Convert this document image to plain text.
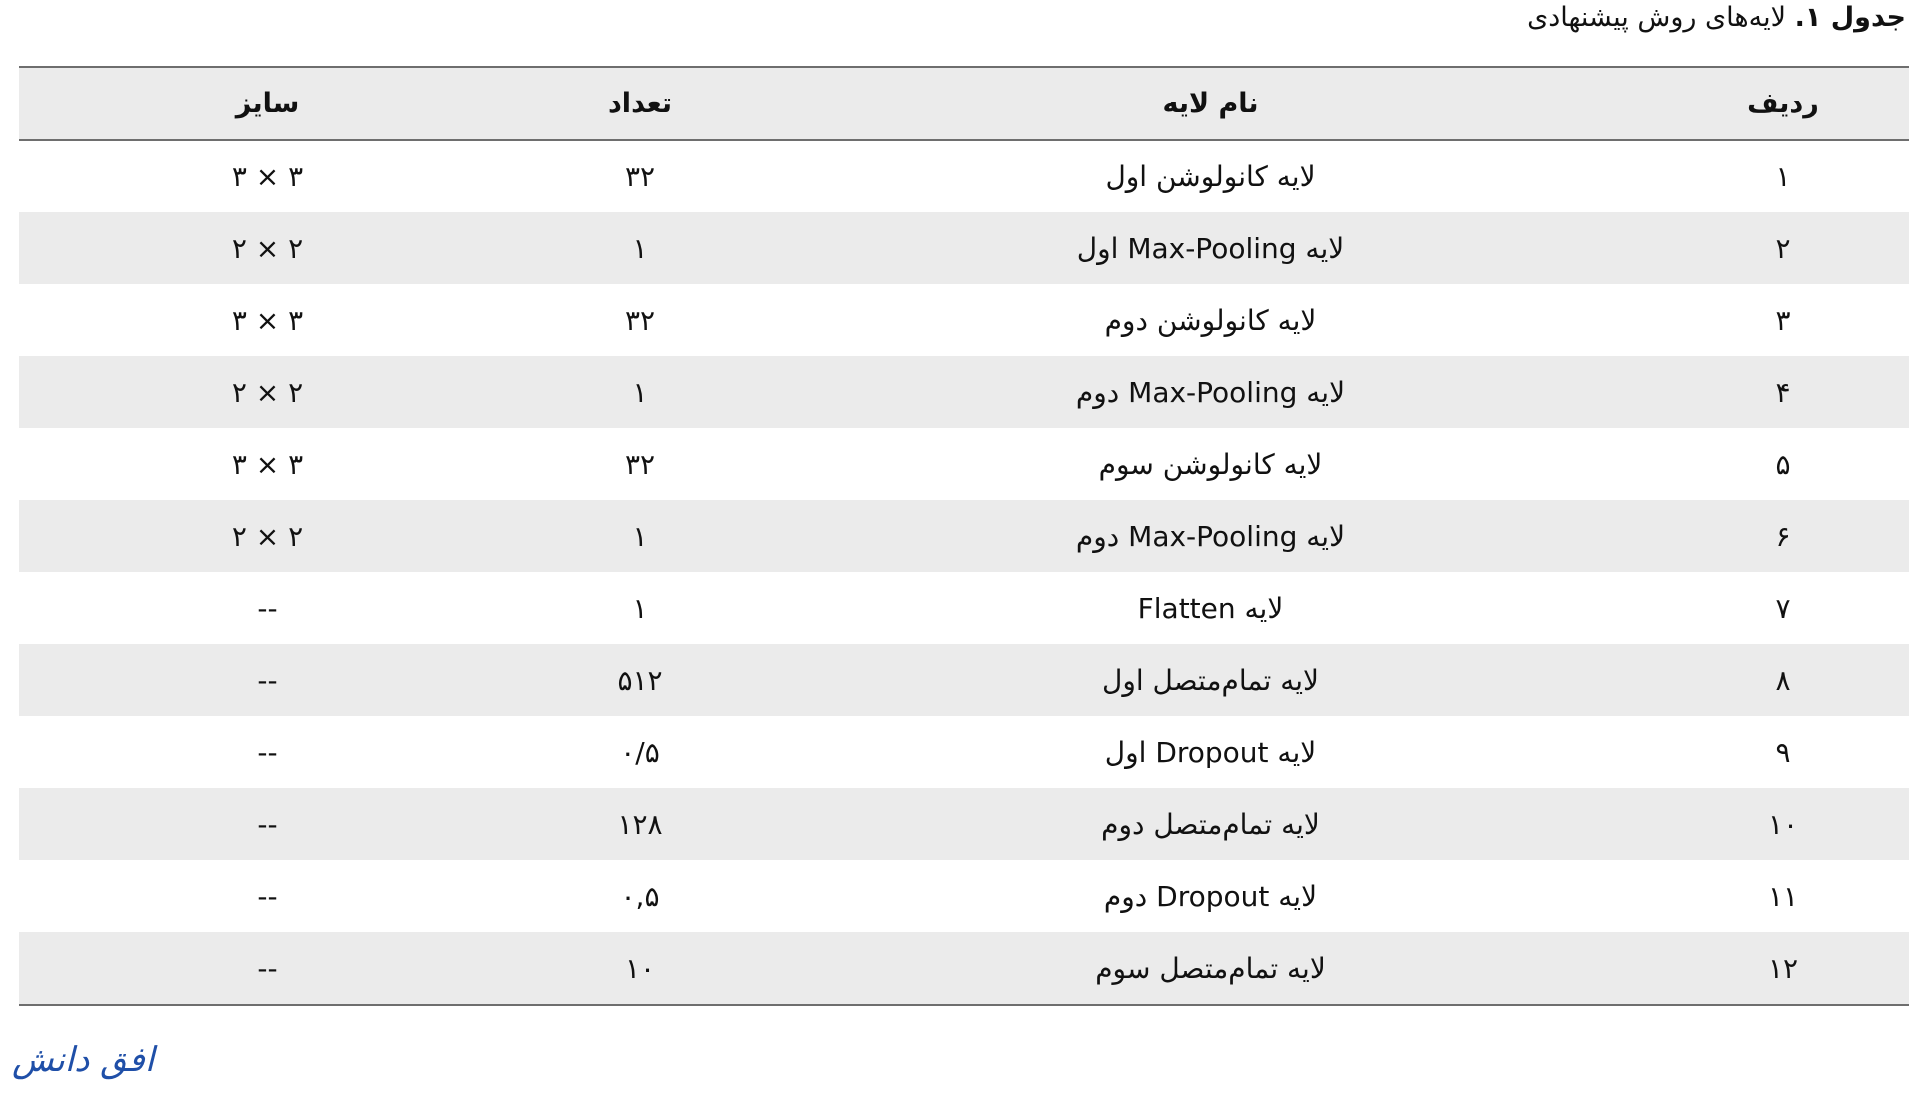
جدول ۱. لایه‌های روش پیشنهادی
ردیف	نام لایه	تعداد	سایز
۱	لایه کانولوشن اول	۳۲	۳ × ۳
۲	لایه Max-Pooling اول	۱	۲ × ۲
۳	لایه کانولوشن دوم	۳۲	۳ × ۳
۴	لایه Max-Pooling دوم	۱	۲ × ۲
۵	لایه کانولوشن سوم	۳۲	۳ × ۳
۶	لایه Max-Pooling دوم	۱	۲ × ۲
۷	لایه Flatten	۱	--
۸	لایه تمام‌متصل اول	۵۱۲	--
۹	لایه Dropout اول	۰/۵	--
۱۰	لایه تمام‌متصل دوم	۱۲۸	--
۱۱	لایه Dropout دوم	۰,۵	--
۱۲	لایه تمام‌متصل سوم	۱۰	--
افق دانش
